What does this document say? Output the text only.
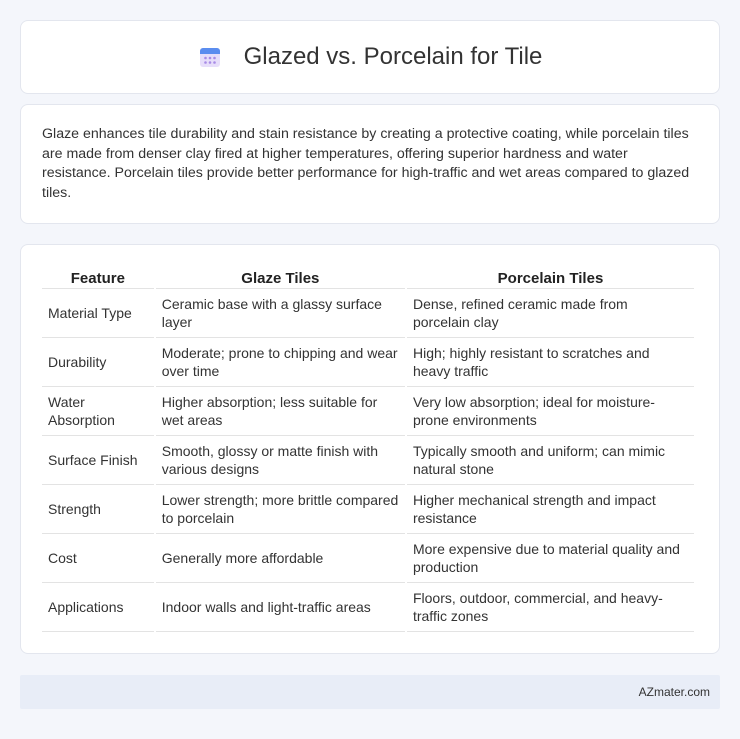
Glazed vs. Porcelain for Tile

Glaze enhances tile durability and stain resistance by creating a protective coating, while porcelain tiles are made from denser clay fired at higher temperatures, offering superior hardness and water resistance. Porcelain tiles provide better performance for high-traffic and wet areas compared to glazed tiles.

Feature	Glaze Tiles	Porcelain Tiles
Material Type	Ceramic base with a glassy surface layer	Dense, refined ceramic made from porcelain clay
Durability	Moderate; prone to chipping and wear over time	High; highly resistant to scratches and heavy traffic
Water Absorption	Higher absorption; less suitable for wet areas	Very low absorption; ideal for moisture-prone environments
Surface Finish	Smooth, glossy or matte finish with various designs	Typically smooth and uniform; can mimic natural stone
Strength	Lower strength; more brittle compared to porcelain	Higher mechanical strength and impact resistance
Cost	Generally more affordable	More expensive due to material quality and production
Applications	Indoor walls and light-traffic areas	Floors, outdoor, commercial, and heavy-traffic zones
AZmater.com
